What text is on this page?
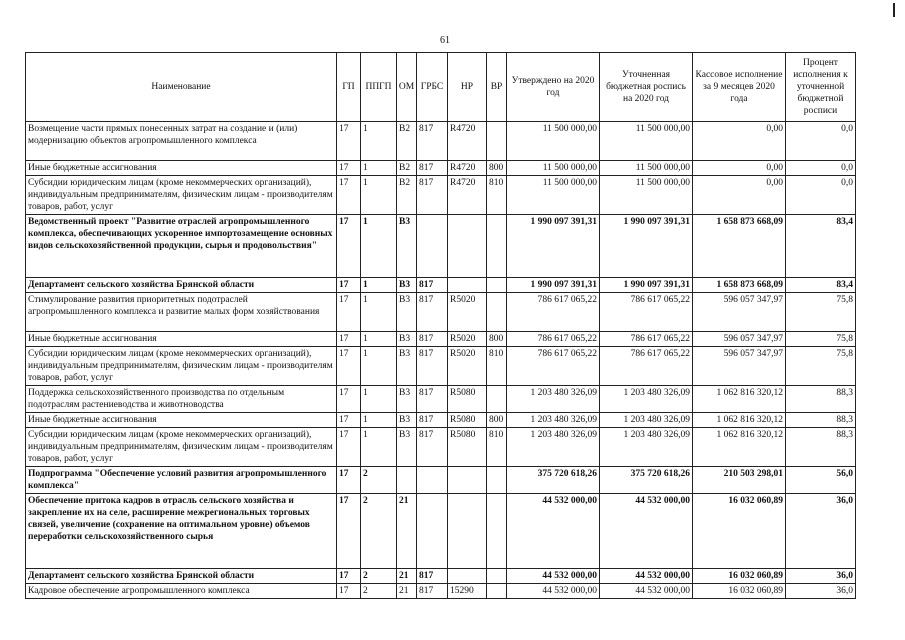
61
Наименование	ГП	ППГП	ОМ	ГРБС	НР	ВР	Утверждено на 2020 год	Уточненная бюджетная роспись на 2020 год	Кассовое исполнение за 9 месяцев 2020 года	Процент исполнения к уточненной бюджетной росписи
Возмещение части прямых понесенных затрат на создание и (или) модернизацию объектов агропромышленного комплекса	17	1	В2	817	R4720		11 500 000,00	11 500 000,00	0,00	0,0
Иные бюджетные ассигнования	17	1	В2	817	R4720	800	11 500 000,00	11 500 000,00	0,00	0,0
Субсидии юридическим лицам (кроме некоммерческих организаций), индивидуальным предпринимателям, физическим лицам - производителям товаров, работ, услуг	17	1	В2	817	R4720	810	11 500 000,00	11 500 000,00	0,00	0,0
Ведомственный проект "Развитие отраслей агропромышленного комплекса, обеспечивающих ускоренное импортозамещение основных видов сельскохозяйственной продукции, сырья и продовольствия"	17	1	В3				1 990 097 391,31	1 990 097 391,31	1 658 873 668,09	83,4
Департамент сельского хозяйства Брянской области	17	1	В3	817			1 990 097 391,31	1 990 097 391,31	1 658 873 668,09	83,4
Стимулирование развития приоритетных подотраслей агропромышленного комплекса и развитие малых форм хозяйствования	17	1	В3	817	R5020		786 617 065,22	786 617 065,22	596 057 347,97	75,8
Иные бюджетные ассигнования	17	1	В3	817	R5020	800	786 617 065,22	786 617 065,22	596 057 347,97	75,8
Субсидии юридическим лицам (кроме некоммерческих организаций), индивидуальным предпринимателям, физическим лицам - производителям товаров, работ, услуг	17	1	В3	817	R5020	810	786 617 065,22	786 617 065,22	596 057 347,97	75,8
Поддержка сельскохозяйственного производства по отдельным подотраслям растениеводства и животноводства	17	1	В3	817	R5080		1 203 480 326,09	1 203 480 326,09	1 062 816 320,12	88,3
Иные бюджетные ассигнования	17	1	В3	817	R5080	800	1 203 480 326,09	1 203 480 326,09	1 062 816 320,12	88,3
Субсидии юридическим лицам (кроме некоммерческих организаций), индивидуальным предпринимателям, физическим лицам - производителям товаров, работ, услуг	17	1	В3	817	R5080	810	1 203 480 326,09	1 203 480 326,09	1 062 816 320,12	88,3
Подпрограмма "Обеспечение условий развития агропромышленного комплекса"	17	2					375 720 618,26	375 720 618,26	210 503 298,01	56,0
Обеспечение притока кадров в отрасль сельского хозяйства и закрепление их на селе, расширение межрегиональных торговых связей, увеличение (сохранение на оптимальном уровне) объемов переработки сельскохозяйственного сырья	17	2	21				44 532 000,00	44 532 000,00	16 032 060,89	36,0
Департамент сельского хозяйства Брянской области	17	2	21	817			44 532 000,00	44 532 000,00	16 032 060,89	36,0
Кадровое обеспечение агропромышленного комплекса	17	2	21	817	15290		44 532 000,00	44 532 000,00	16 032 060,89	36,0
